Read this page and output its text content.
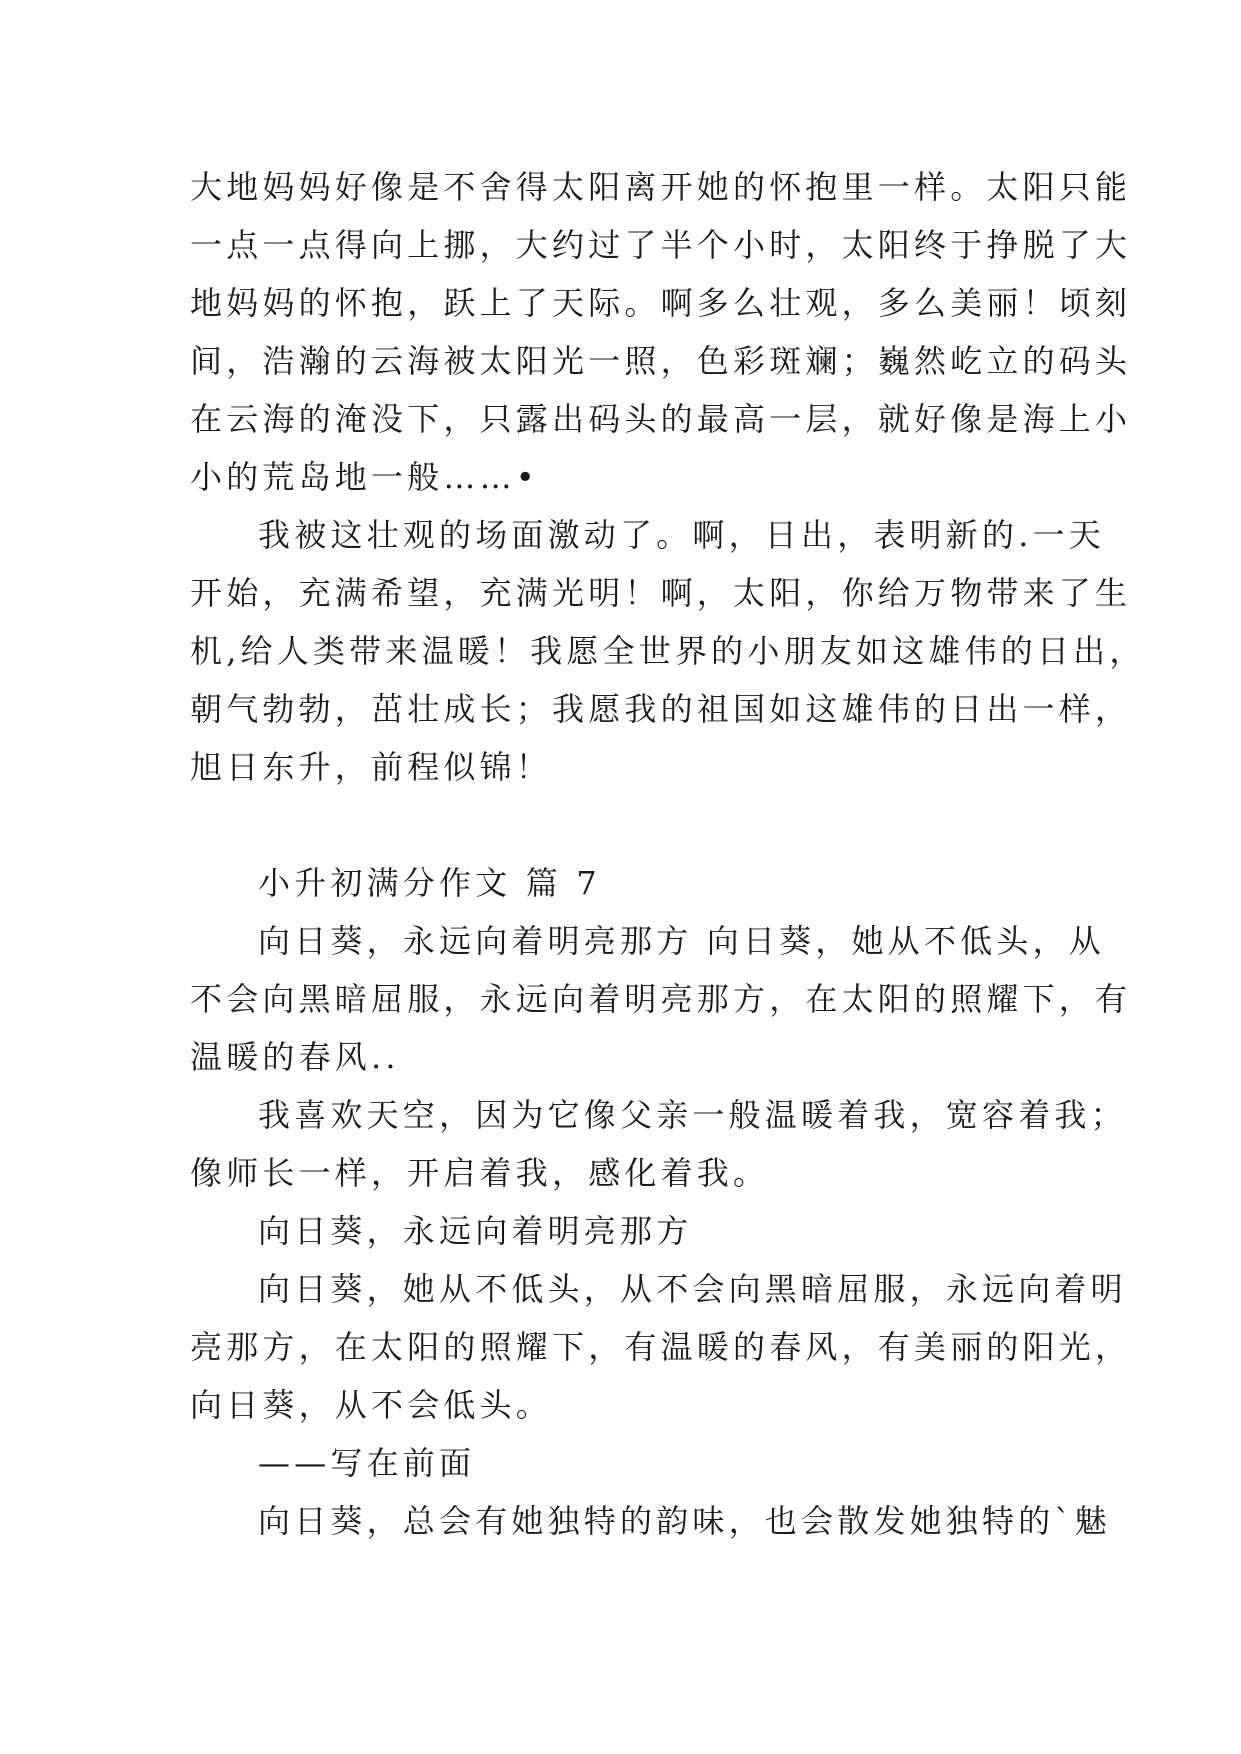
大地妈妈好像是不舍得太阳离开她的怀抱里一样。太阳只能
一点一点得向上挪，大约过了半个小时，太阳终于挣脱了大
地妈妈的怀抱，跃上了天际。啊多么壮观，多么美丽！顷刻
间，浩瀚的云海被太阳光一照，色彩斑斓；巍然屹立的码头
在云海的淹没下，只露出码头的最高一层，就好像是海上小
小的荒岛地一般……•
我被这壮观的场面激动了。啊，日出，表明新的.一天
开始，充满希望，充满光明！啊，太阳，你给万物带来了生
机,给人类带来温暖！我愿全世界的小朋友如这雄伟的日出，
朝气勃勃，茁壮成长；我愿我的祖国如这雄伟的日出一样，
旭日东升，前程似锦！
小升初满分作文 篇 7
向日葵，永远向着明亮那方 向日葵，她从不低头，从
不会向黑暗屈服，永远向着明亮那方，在太阳的照耀下，有
温暖的春风..
我喜欢天空，因为它像父亲一般温暖着我，宽容着我；
像师长一样，开启着我，感化着我。
向日葵，永远向着明亮那方
向日葵，她从不低头，从不会向黑暗屈服，永远向着明
亮那方，在太阳的照耀下，有温暖的春风，有美丽的阳光，
向日葵，从不会低头。
——写在前面
向日葵，总会有她独特的韵味，也会散发她独特的`魅
